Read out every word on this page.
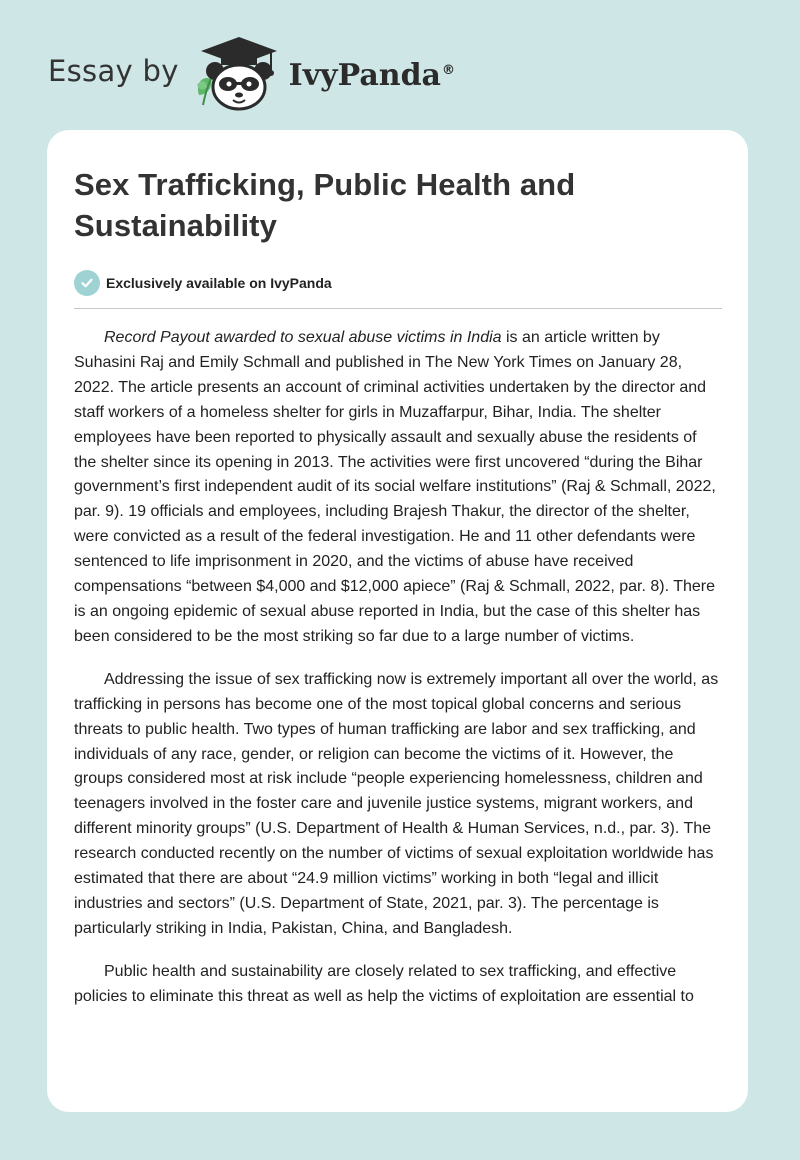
Essay by	IvyPanda®
Sex Trafficking, Public Health and Sustainability
Exclusively available on IvyPanda

Record Payout awarded to sexual abuse victims in India is an article written by Suhasini Raj and Emily Schmall and published in The New York Times on January 28, 2022. The article presents an account of criminal activities undertaken by the director and staff workers of a homeless shelter for girls in Muzaffarpur, Bihar, India. The shelter employees have been reported to physically assault and sexually abuse the residents of the shelter since its opening in 2013. The activities were first uncovered “during the Bihar government’s first independent audit of its social welfare institutions” (Raj & Schmall, 2022, par. 9). 19 officials and employees, including Brajesh Thakur, the director of the shelter, were convicted as a result of the federal investigation. He and 11 other defendants were sentenced to life imprisonment in 2020, and the victims of abuse have received compensations “between $4,000 and $12,000 apiece” (Raj & Schmall, 2022, par. 8). There is an ongoing epidemic of sexual abuse reported in India, but the case of this shelter has been considered to be the most striking so far due to a large number of victims.

Addressing the issue of sex trafficking now is extremely important all over the world, as trafficking in persons has become one of the most topical global concerns and serious threats to public health. Two types of human trafficking are labor and sex trafficking, and individuals of any race, gender, or religion can become the victims of it. However, the groups considered most at risk include “people experiencing homelessness, children and teenagers involved in the foster care and juvenile justice systems, migrant workers, and different minority groups” (U.S. Department of Health & Human Services, n.d., par. 3). The research conducted recently on the number of victims of sexual exploitation worldwide has estimated that there are about “24.9 million victims” working in both “legal and illicit industries and sectors” (U.S. Department of State, 2021, par. 3). The percentage is particularly striking in India, Pakistan, China, and Bangladesh.

Public health and sustainability are closely related to sex trafficking, and effective policies to eliminate this threat as well as help the victims of exploitation are essential to
